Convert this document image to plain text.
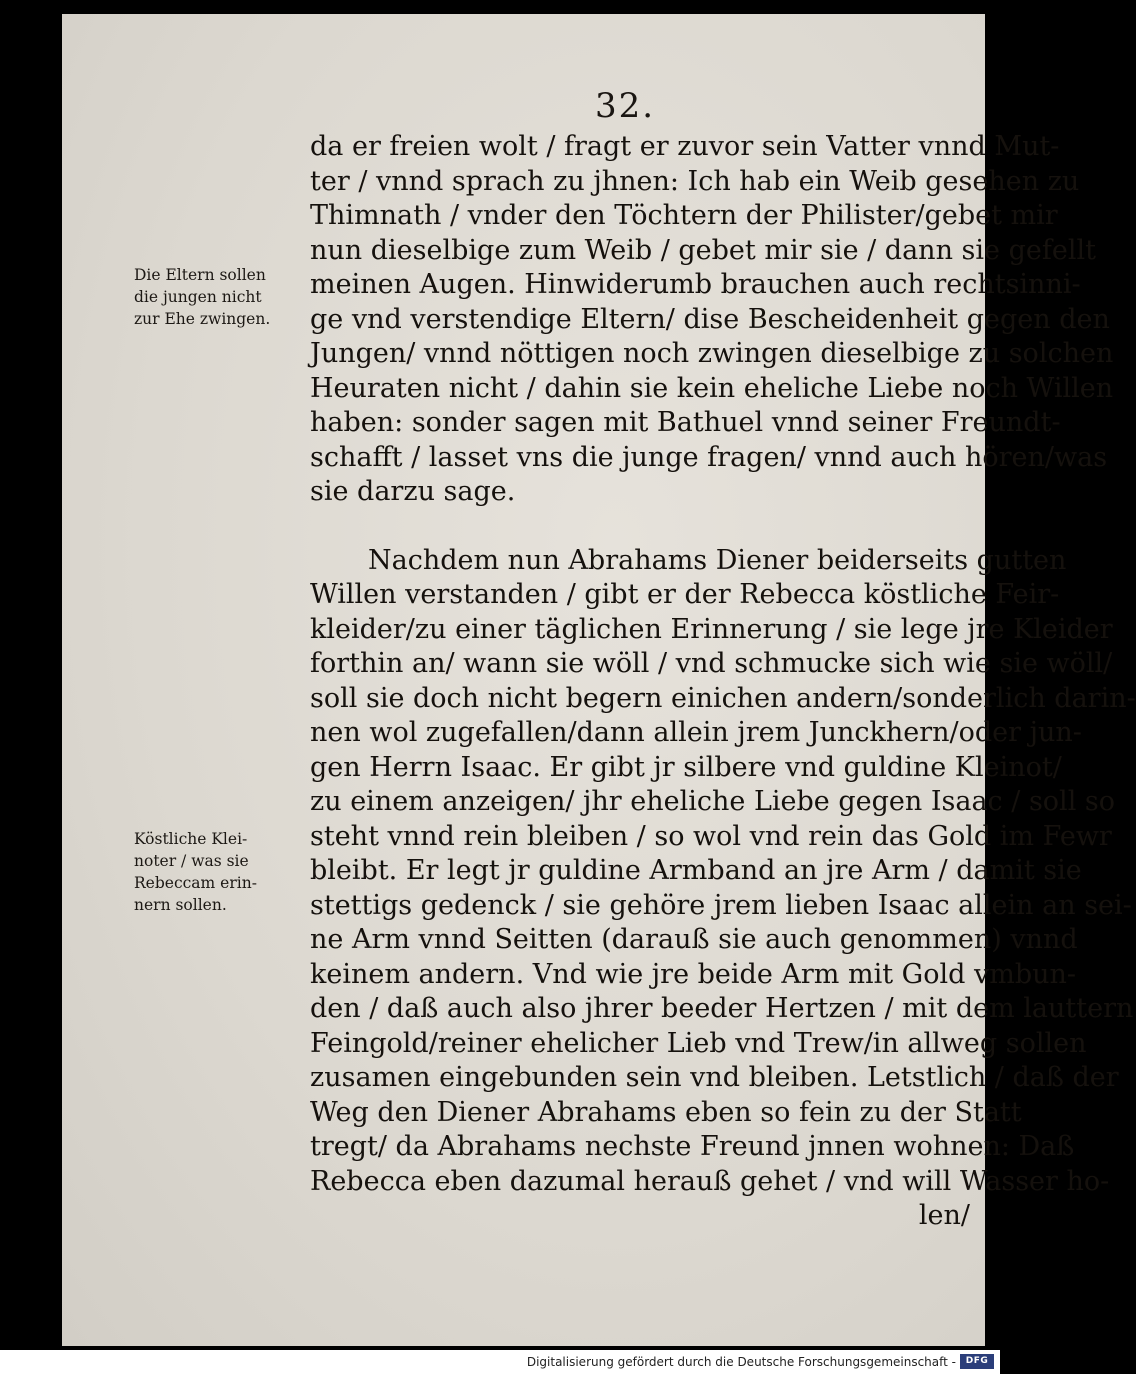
32.
Die Eltern sollen
die jungen nicht
zur Ehe zwingen.
Köstliche Klei-
noter / was sie
Rebeccam erin-
nern sollen.
da er freien wolt / fragt er zuvor sein Vatter vnnd Mut-
ter / vnnd sprach zu jhnen: Ich hab ein Weib gesehen zu
Thimnath / vnder den Töchtern der Philister/gebet mir
nun dieselbige zum Weib / gebet mir sie / dann sie gefellt
meinen Augen. Hinwiderumb brauchen auch rechtsinni-
ge vnd verstendige Eltern/ dise Bescheidenheit gegen den
Jungen/ vnnd nöttigen noch zwingen dieselbige zu solchen
Heuraten nicht / dahin sie kein eheliche Liebe noch Willen
haben: sonder sagen mit Bathuel vnnd seiner Freundt-
schafft / lasset vns die junge fragen/ vnnd auch hören/was
sie darzu sage.
Nachdem nun Abrahams Diener beiderseits gutten
Willen verstanden / gibt er der Rebecca köstliche Feir-
kleider/zu einer täglichen Erinnerung / sie lege jre Kleider
forthin an/ wann sie wöll / vnd schmucke sich wie sie wöll/
soll sie doch nicht begern einichen andern/sonderlich darin-
nen wol zugefallen/dann allein jrem Junckhern/oder jun-
gen Herrn Isaac. Er gibt jr silbere vnd guldine Kleinot/
zu einem anzeigen/ jhr eheliche Liebe gegen Isaac / soll so
steht vnnd rein bleiben / so wol vnd rein das Gold im Fewr
bleibt. Er legt jr guldine Armband an jre Arm / damit sie
stettigs gedenck / sie gehöre jrem lieben Isaac allein an sei-
ne Arm vnnd Seitten (darauß sie auch genommen) vnnd
keinem andern. Vnd wie jre beide Arm mit Gold vmbun-
den / daß auch also jhrer beeder Hertzen / mit dem lauttern
Feingold/reiner ehelicher Lieb vnd Trew/in allweg sollen
zusamen eingebunden sein vnd bleiben. Letstlich / daß der
Weg den Diener Abrahams eben so fein zu der Statt
tregt/ da Abrahams nechste Freund jnnen wohnen: Daß
Rebecca eben dazumal herauß gehet / vnd will Wasser ho-
len/
Digitalisierung gefördert durch die Deutsche Forschungsgemeinschaft -	DFG
